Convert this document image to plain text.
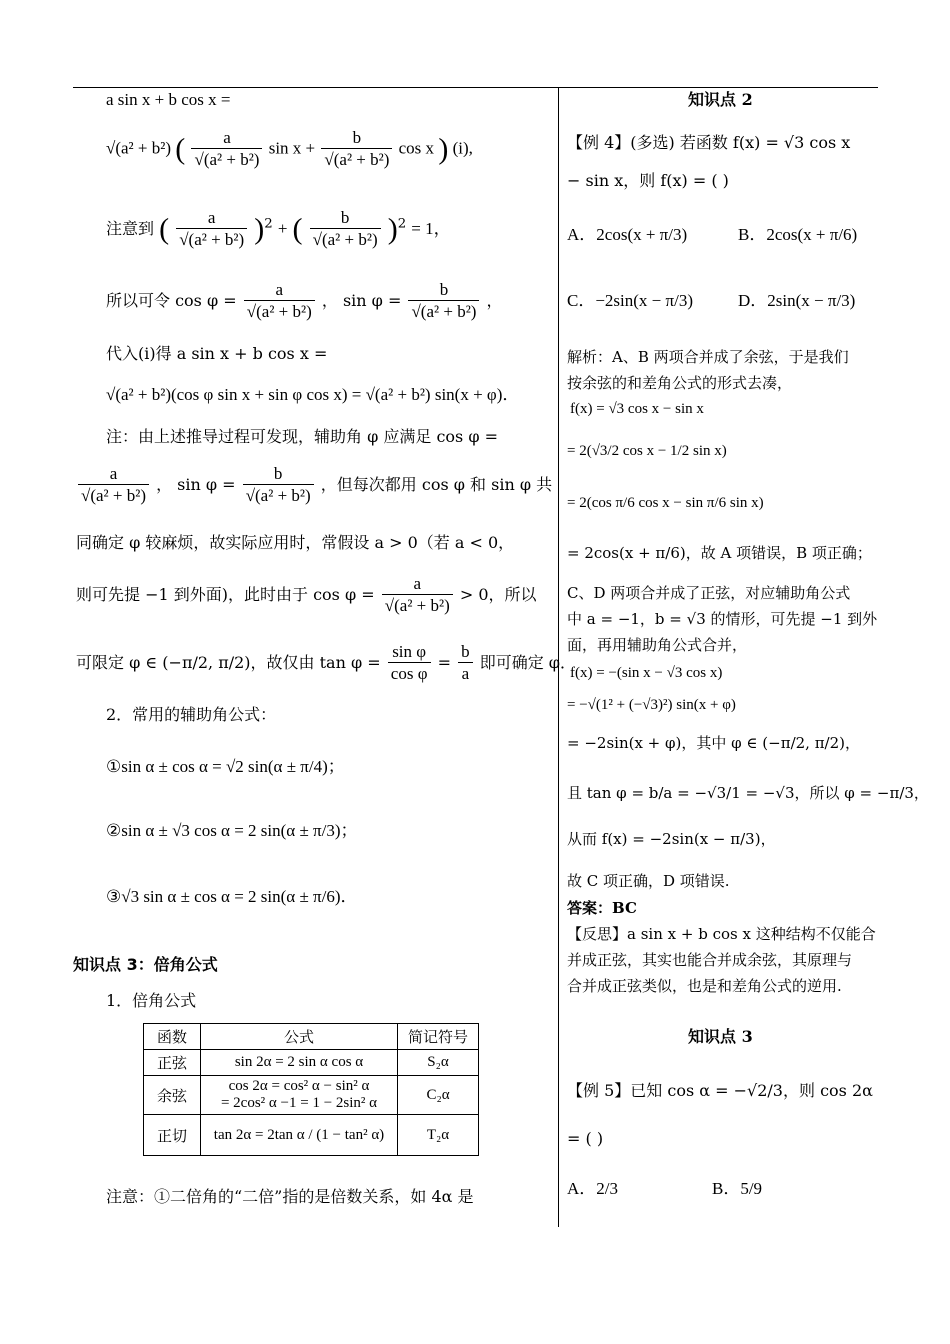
a sin x + b cos x =
√(a² + b²) ( $\frac{a}{\text{√(a² + b²)}}$ $\sin x + \frac{b}{\text{√(a² + b²)}}$ cos x ) (i),
注意到 ( $\frac{a}{\text{√(a² + b²)}} )^2$ + ( $\frac{b}{\text{√(a² + b²)}} )^2 = 1$，
所以可令 $\cos \varphi = \frac{a}{\text{√(a² + b²)}}$ ， $\sin \varphi = \frac{b}{\text{√(a² + b²)}}$ ，
代入(i)得 a sin x + b cos x =
√(a² + b²)(cos φ sin x + sin φ cos x) = √(a² + b²) sin(x + φ)．
注：由上述推导过程可发现，辅助角 φ 应满足 cos φ =
$\frac{a}{\text{√(a² + b²)}}$ ， $\sin \varphi = \frac{b}{\text{√(a² + b²)}}$ ，但每次都用 cos φ 和 sin φ 共
同确定 φ 较麻烦，故实际应用时，常假设 a > 0（若 a < 0，
则可先提 −1 到外面)，此时由于 $\cos \varphi = \frac{a}{\text{√(a² + b²)}} > 0$，所以
可限定 φ ∈ (−π/2, π/2)，故仅由 $\tan \varphi = \frac{\text{sin φ}}{\text{cos φ}} = \frac{b}{a}$ 即可确定 φ．
2．常用的辅助角公式：
①sin α ± cos α = √2 sin(α ± π/4)；
②sin α ± √3 cos α = 2 sin(α ± π/3)；
③√3 sin α ± cos α = 2 sin(α ± π/6)．
知识点 3：倍角公式
1．倍角公式
函数	公式	简记符号
正弦	sin 2α = 2 sin α cos α	S₂α
余弦	cos 2α = cos² α − sin² α
= 2cos² α −1 = 1 − 2sin² α	C₂α
正切	tan 2α = 2tan α / (1 − tan² α)	T₂α
注意：①二倍角的“二倍”指的是倍数关系，如 4α 是
知识点 2
【例 4】(多选) 若函数 f(x) = √3 cos x
− sin x，则 f(x) = ( )
A．2cos(x + π/3)	B．2cos(x + π/6)
C．−2sin(x − π/3)	D．2sin(x − π/3)
解析：A、B 两项合并成了余弦，于是我们
按余弦的和差角公式的形式去凑，
f(x) = √3 cos x − sin x
= 2(√3/2 cos x − 1/2 sin x)
= 2(cos π/6 cos x − sin π/6 sin x)
= 2cos(x + π/6)，故 A 项错误，B 项正确；
C、D 两项合并成了正弦，对应辅助角公式
中 a = −1，b = √3 的情形，可先提 −1 到外
面，再用辅助角公式合并，
f(x) = −(sin x − √3 cos x)
= −√(1² + (−√3)²) sin(x + φ)
= −2sin(x + φ)，其中 φ ∈ (−π/2, π/2)，
且 tan φ = b/a = −√3/1 = −√3，所以 φ = −π/3，
从而 f(x) = −2sin(x − π/3)，
故 C 项正确，D 项错误.
答案：BC
【反思】a sin x + b cos x 这种结构不仅能合
并成正弦，其实也能合并成余弦，其原理与
合并成正弦类似，也是和差角公式的逆用.
知识点 3
【例 5】已知 cos α = −√2/3，则 cos 2α
= ( )
A．2/3	B．5/9
